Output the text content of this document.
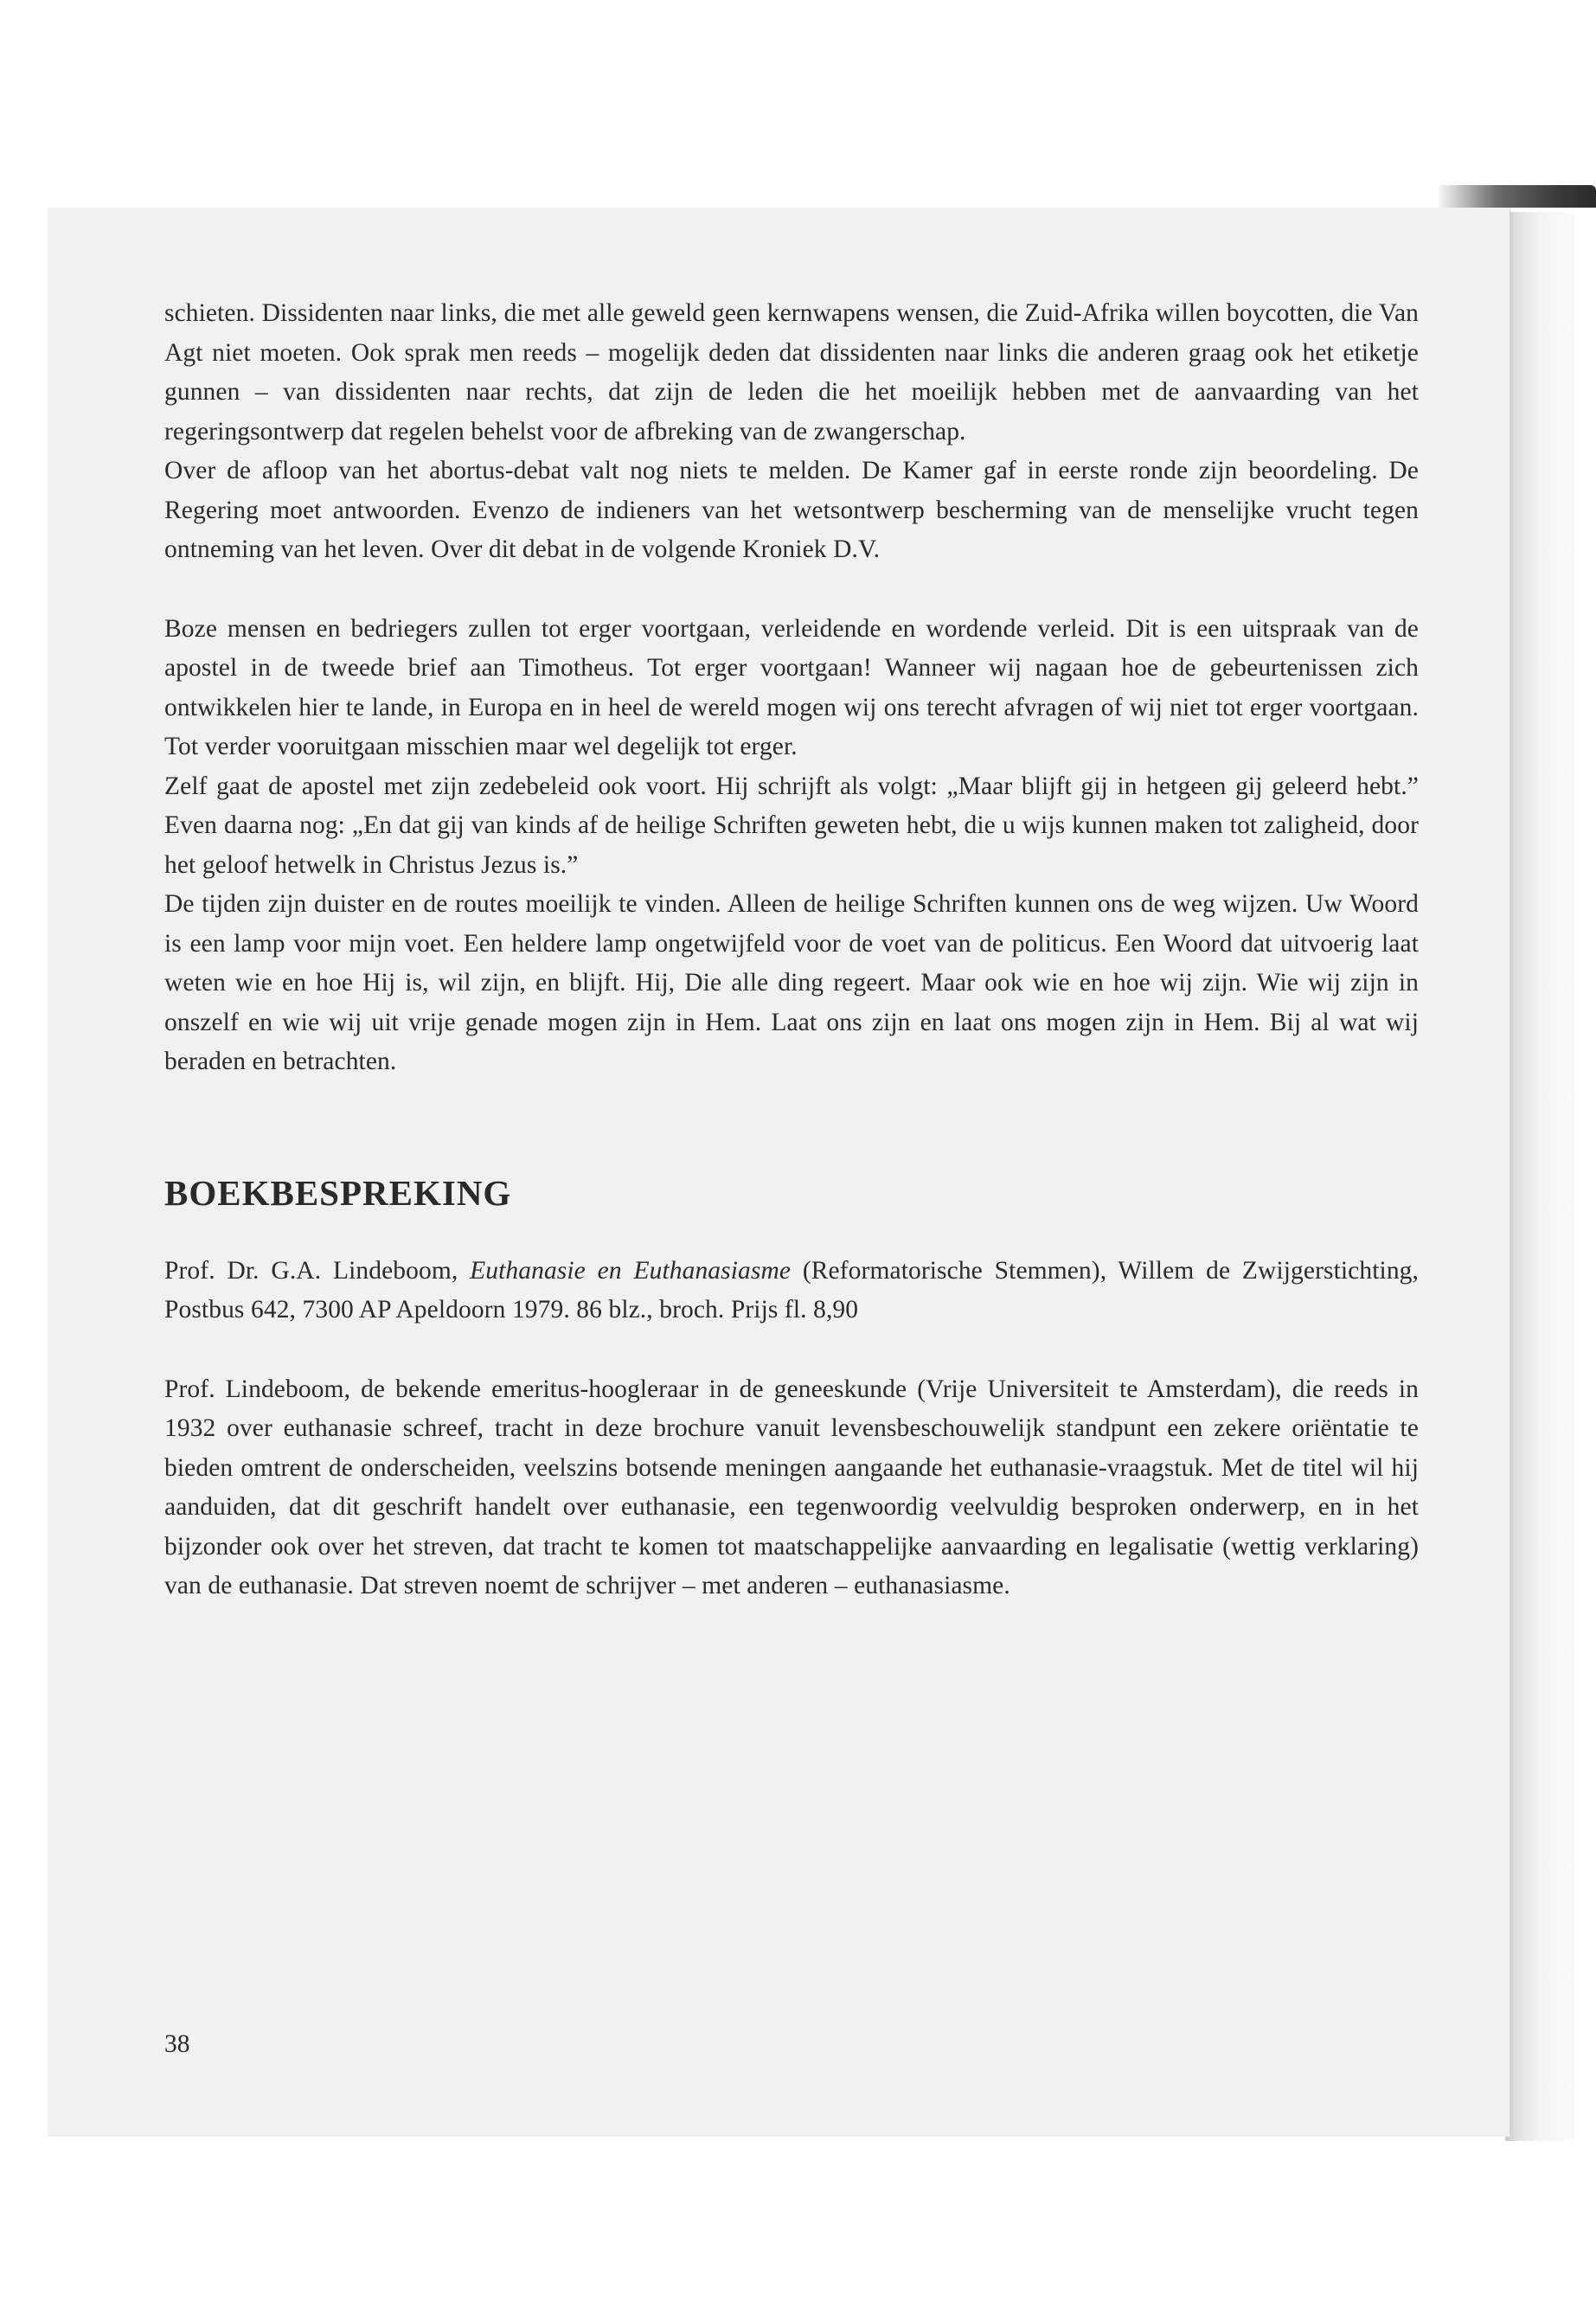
schieten. Dissidenten naar links, die met alle geweld geen kernwapens wensen, die Zuid-Afrika willen boycotten, die Van Agt niet moeten. Ook sprak men reeds – mogelijk deden dat dissidenten naar links die anderen graag ook het etiketje gunnen – van dissidenten naar rechts, dat zijn de leden die het moeilijk hebben met de aanvaarding van het regeringsontwerp dat regelen behelst voor de afbreking van de zwangerschap.

Over de afloop van het abortus-debat valt nog niets te melden. De Kamer gaf in eerste ronde zijn beoordeling. De Regering moet antwoorden. Evenzo de indieners van het wetsontwerp bescherming van de menselijke vrucht tegen ontneming van het leven. Over dit debat in de volgende Kroniek D.V.

Boze mensen en bedriegers zullen tot erger voortgaan, verleidende en wordende verleid. Dit is een uitspraak van de apostel in de tweede brief aan Timotheus. Tot erger voortgaan! Wanneer wij nagaan hoe de gebeurtenissen zich ontwikkelen hier te lande, in Europa en in heel de wereld mogen wij ons terecht afvragen of wij niet tot erger voortgaan. Tot verder vooruitgaan misschien maar wel degelijk tot erger.

Zelf gaat de apostel met zijn zedebeleid ook voort. Hij schrijft als volgt: „Maar blijft gij in hetgeen gij geleerd hebt.” Even daarna nog: „En dat gij van kinds af de heilige Schriften geweten hebt, die u wijs kunnen maken tot zaligheid, door het geloof hetwelk in Christus Jezus is.”

De tijden zijn duister en de routes moeilijk te vinden. Alleen de heilige Schriften kunnen ons de weg wijzen. Uw Woord is een lamp voor mijn voet. Een heldere lamp ongetwijfeld voor de voet van de politicus. Een Woord dat uitvoerig laat weten wie en hoe Hij is, wil zijn, en blijft. Hij, Die alle ding regeert. Maar ook wie en hoe wij zijn. Wie wij zijn in onszelf en wie wij uit vrije genade mogen zijn in Hem. Laat ons zijn en laat ons mogen zijn in Hem. Bij al wat wij beraden en betrachten.

BOEKBESPREKING

Prof. Dr. G.A. Lindeboom, Euthanasie en Euthanasiasme (Reformatorische Stemmen), Willem de Zwijgerstichting, Postbus 642, 7300 AP Apeldoorn 1979. 86 blz., broch. Prijs fl. 8,90

Prof. Lindeboom, de bekende emeritus-hoogleraar in de geneeskunde (Vrije Universiteit te Amsterdam), die reeds in 1932 over euthanasie schreef, tracht in deze brochure vanuit levensbeschouwelijk standpunt een zekere oriëntatie te bieden omtrent de onderscheiden, veelszins botsende meningen aangaande het euthanasie-vraagstuk. Met de titel wil hij aanduiden, dat dit geschrift handelt over euthanasie, een tegenwoordig veelvuldig besproken onderwerp, en in het bijzonder ook over het streven, dat tracht te komen tot maatschappelijke aanvaarding en legalisatie (wettig verklaring) van de euthanasie. Dat streven noemt de schrijver – met anderen – euthanasiasme.

38
